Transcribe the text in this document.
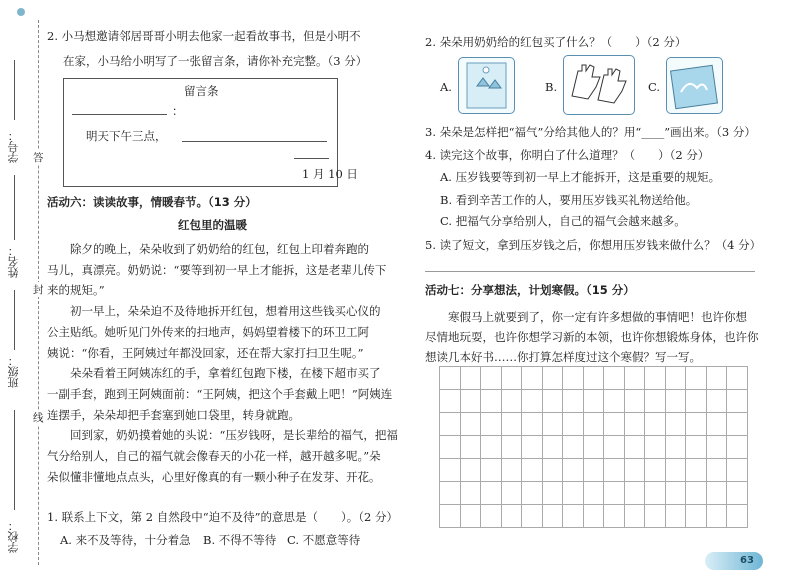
学号：
姓名：
班级：
学校：
答
封
线
2. 小马想邀请邻居哥哥小明去他家一起看故事书，但是小明不
在家，小马给小明写了一张留言条，请你补充完整。（3 分）
留言条
：
明天下午三点，
1 月 10 日
活动六：读读故事，情暖春节。（13 分）
红包里的温暖
　　除夕的晚上，朵朵收到了奶奶给的红包，红包上印着奔跑的
马儿，真漂亮。奶奶说：“要等到初一早上才能拆，这是老辈儿传下
来的规矩。”
　　初一早上，朵朵迫不及待地拆开红包，想着用这些钱买心仪的
公主贴纸。她听见门外传来的扫地声，妈妈望着楼下的环卫工阿
姨说：“你看，王阿姨过年都没回家，还在帮大家打扫卫生呢。”
　　朵朵看着王阿姨冻红的手，拿着红包跑下楼，在楼下超市买了
一副手套，跑到王阿姨面前：“王阿姨，把这个手套戴上吧！”阿姨连
连摆手，朵朵却把手套塞到她口袋里，转身就跑。
　　回到家，奶奶摸着她的头说：“压岁钱呀，是长辈给的福气，把福
气分给别人，自己的福气就会像春天的小花一样，越开越多呢。”朵
朵似懂非懂地点点头，心里好像真的有一颗小种子在发芽、开花。
1. 联系上下文，第 2 自然段中“迫不及待”的意思是（　　）。（2 分）
A. 来不及等待，十分着急 B. 不得不等待 C. 不愿意等待
2. 朵朵用奶奶给的红包买了什么？（　　）（2 分）
A.	B.	C.
3. 朵朵是怎样把“福气”分给其他人的？用“____”画出来。（3 分）
4. 读完这个故事，你明白了什么道理？（　　）（2 分）
A. 压岁钱要等到初一早上才能拆开，这是重要的规矩。
B. 看到辛苦工作的人，要用压岁钱买礼物送给他。
C. 把福气分享给别人，自己的福气会越来越多。
5. 读了短文，拿到压岁钱之后，你想用压岁钱来做什么？（4 分）
活动七：分享想法，计划寒假。（15 分）
　　寒假马上就要到了，你一定有许多想做的事情吧！也许你想
尽情地玩耍，也许你想学习新的本领，也许你想锻炼身体，也许你
想读几本好书……你打算怎样度过这个寒假？写一写。
63
